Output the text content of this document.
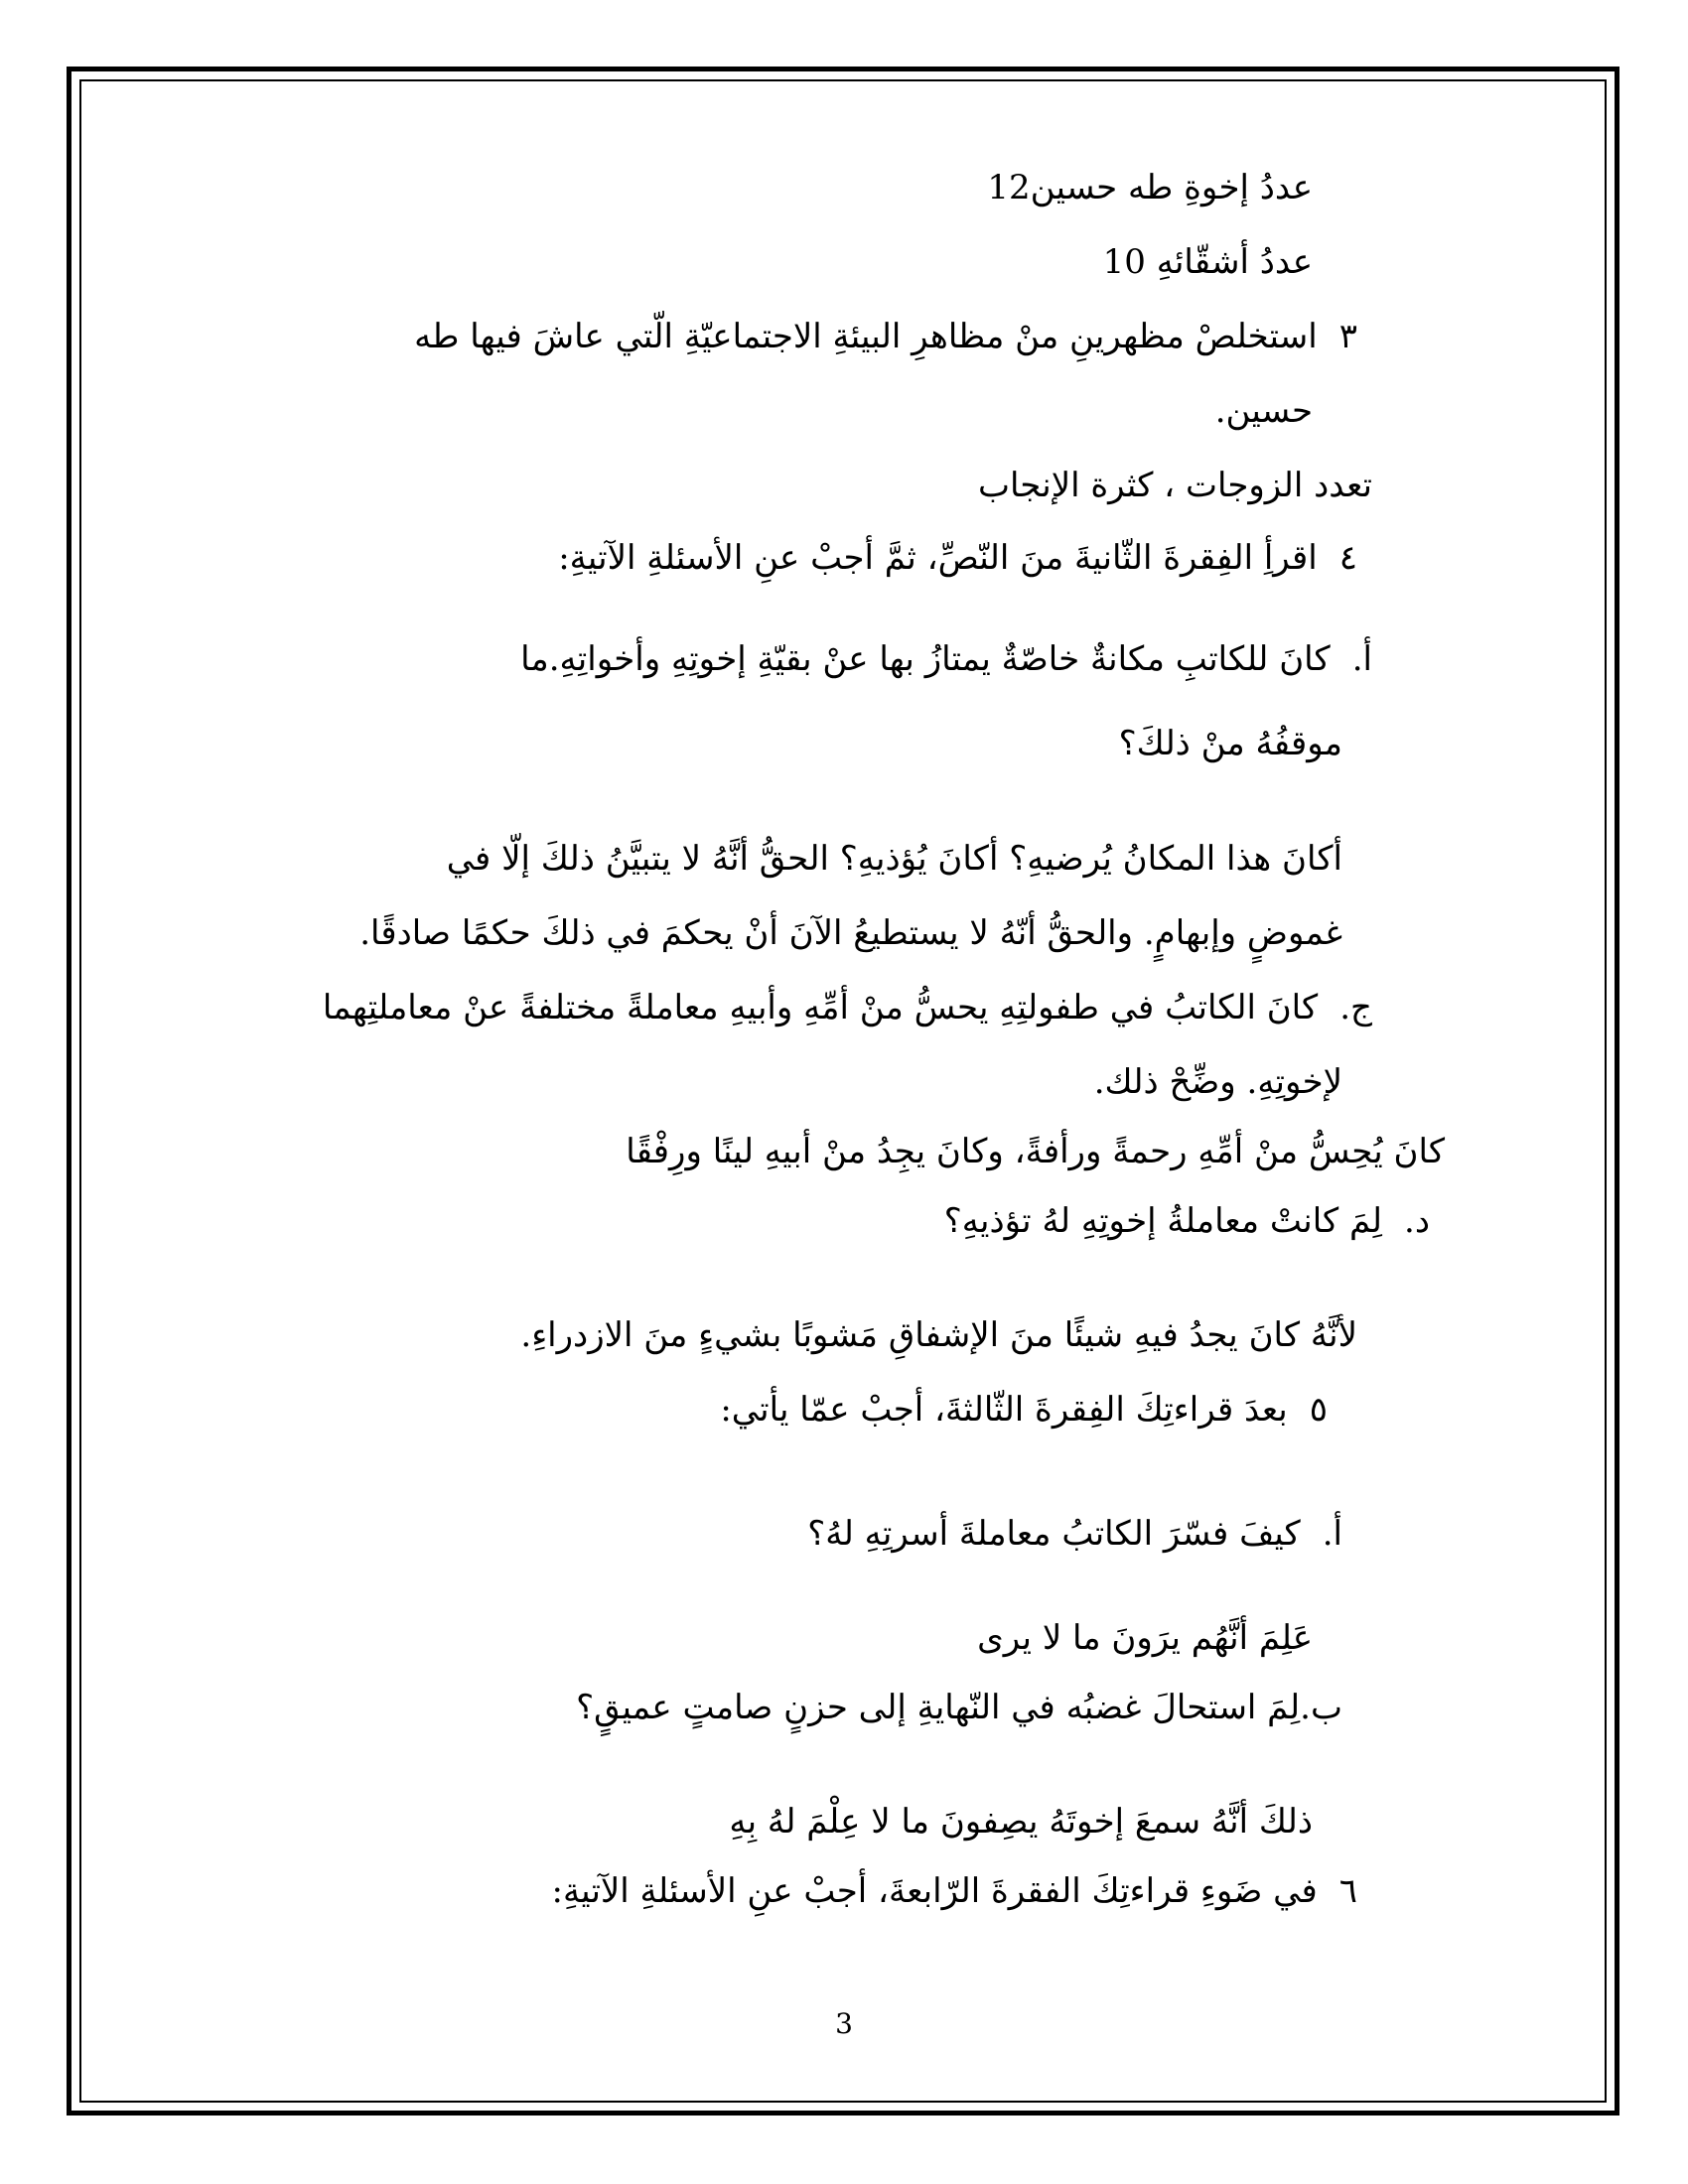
عددُ إخوةِ طه حسين12
عددُ أشقّائهِ 10
٣استخلصْ مظهرينِ منْ مظاهرِ البيئةِ الاجتماعيّةِ الّتي عاشَ فيها طه
حسين.
تعدد الزوجات ، كثرة الإنجاب
٤اقرأِ الفِقرةَ الثّانيةَ منَ النّصِّ، ثمَّ أجبْ عنِ الأسئلةِ الآتيةِ:
أ.كانَ للكاتبِ مكانةٌ خاصّةٌ يمتازُ بها عنْ بقيّةِ إخوتِهِ وأخواتِهِ.ما
موقفُهُ منْ ذلكَ؟
أكانَ هذا المكانُ يُرضيهِ؟ أكانَ يُؤذيهِ؟ الحقُّ أنَّهُ لا يتبيَّنُ ذلكَ إلّا في
غموضٍ وإبهامٍ. والحقُّ أنّهُ لا يستطيعُ الآنَ أنْ يحكمَ في ذلكَ حكمًا صادقًا.
ج.كانَ الكاتبُ في طفولتِهِ يحسُّ منْ أمِّهِ وأبيهِ معاملةً مختلفةً عنْ معاملتِهما
لإخوتِهِ. وضِّحْ ذلك.
كانَ يُحِسُّ منْ أمِّهِ رحمةً ورأفةً، وكانَ يجِدُ منْ أبيهِ لينًا ورِفْقًا
د.لِمَ كانتْ معاملةُ إخوتِهِ لهُ تؤذيهِ؟
لأنَّهُ كانَ يجدُ فيهِ شيئًا منَ الإشفاقِ مَشوبًا بشيءٍ منَ الازدراءِ.
٥بعدَ قراءتِكَ الفِقرةَ الثّالثةَ، أجبْ عمّا يأتي:
أ.كيفَ فسّرَ الكاتبُ معاملةَ أسرتِهِ لهُ؟
عَلِمَ أنَّهُم يرَونَ ما لا يرى
ب.لِمَ استحالَ غضبُه في النّهايةِ إلى حزنٍ صامتٍ عميقٍ؟
ذلكَ أنَّهُ سمعَ إخوتَهُ يصِفونَ ما لا عِلْمَ لهُ بِهِ
٦في ضَوءِ قراءتِكَ الفقرةَ الرّابعةَ، أجبْ عنِ الأسئلةِ الآتيةِ:
3
